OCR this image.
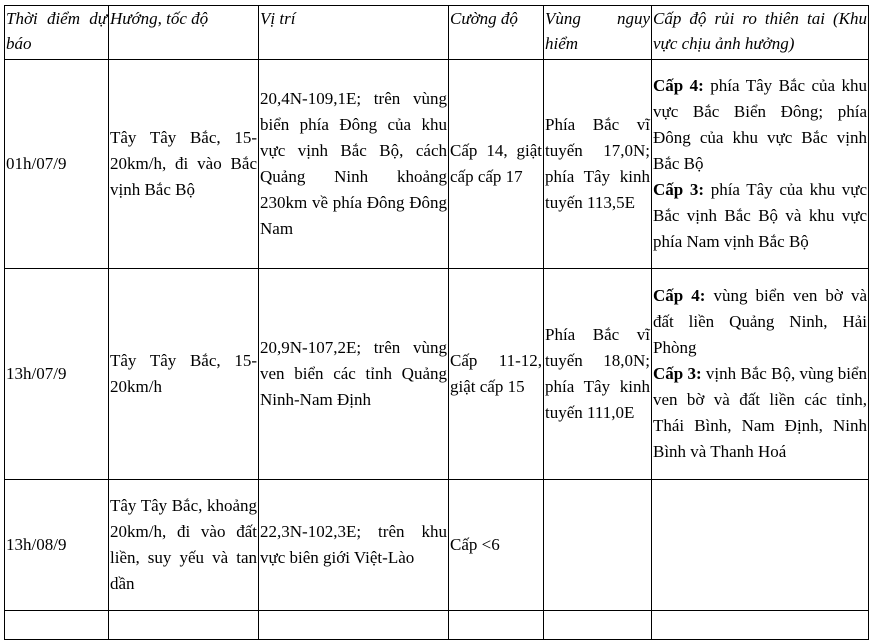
Thời điểm dự báo	Hướng, tốc độ	Vị trí	Cường độ	Vùng nguy hiểm	Cấp độ rủi ro thiên tai (Khu vực chịu ảnh hưởng)
01h/07/9	Tây Tây Bắc, 15-20km/h, đi vào Bắc vịnh Bắc Bộ	20,4N-109,1E; trên vùng biển phía Đông của khu vực vịnh Bắc Bộ, cách Quảng Ninh khoảng 230km về phía Đông Đông Nam	Cấp 14, giật cấp cấp 17	Phía Bắc vĩ tuyến 17,0N; phía Tây kinh tuyến 113,5E	Cấp 4: phía Tây Bắc của khu vực Bắc Biển Đông; phía Đông của khu vực Bắc vịnh Bắc Bộ
Cấp 3: phía Tây của khu vực Bắc vịnh Bắc Bộ và khu vực phía Nam vịnh Bắc Bộ

13h/07/9	Tây Tây Bắc, 15-20km/h	20,9N-107,2E; trên vùng ven biển các tỉnh Quảng Ninh-Nam Định	Cấp 11-12, giật cấp 15	Phía Bắc vĩ tuyến 18,0N; phía Tây kinh tuyến 111,0E	Cấp 4: vùng biển ven bờ và đất liền Quảng Ninh, Hải Phòng
Cấp 3: vịnh Bắc Bộ, vùng biển ven bờ và đất liền các tỉnh, Thái Bình, Nam Định, Ninh Bình và Thanh Hoá

13h/08/9	Tây Tây Bắc, khoảng 20km/h, đi vào đất liền, suy yếu và tan dần	22,3N-102,3E; trên khu vực biên giới Việt-Lào	Cấp <6		
